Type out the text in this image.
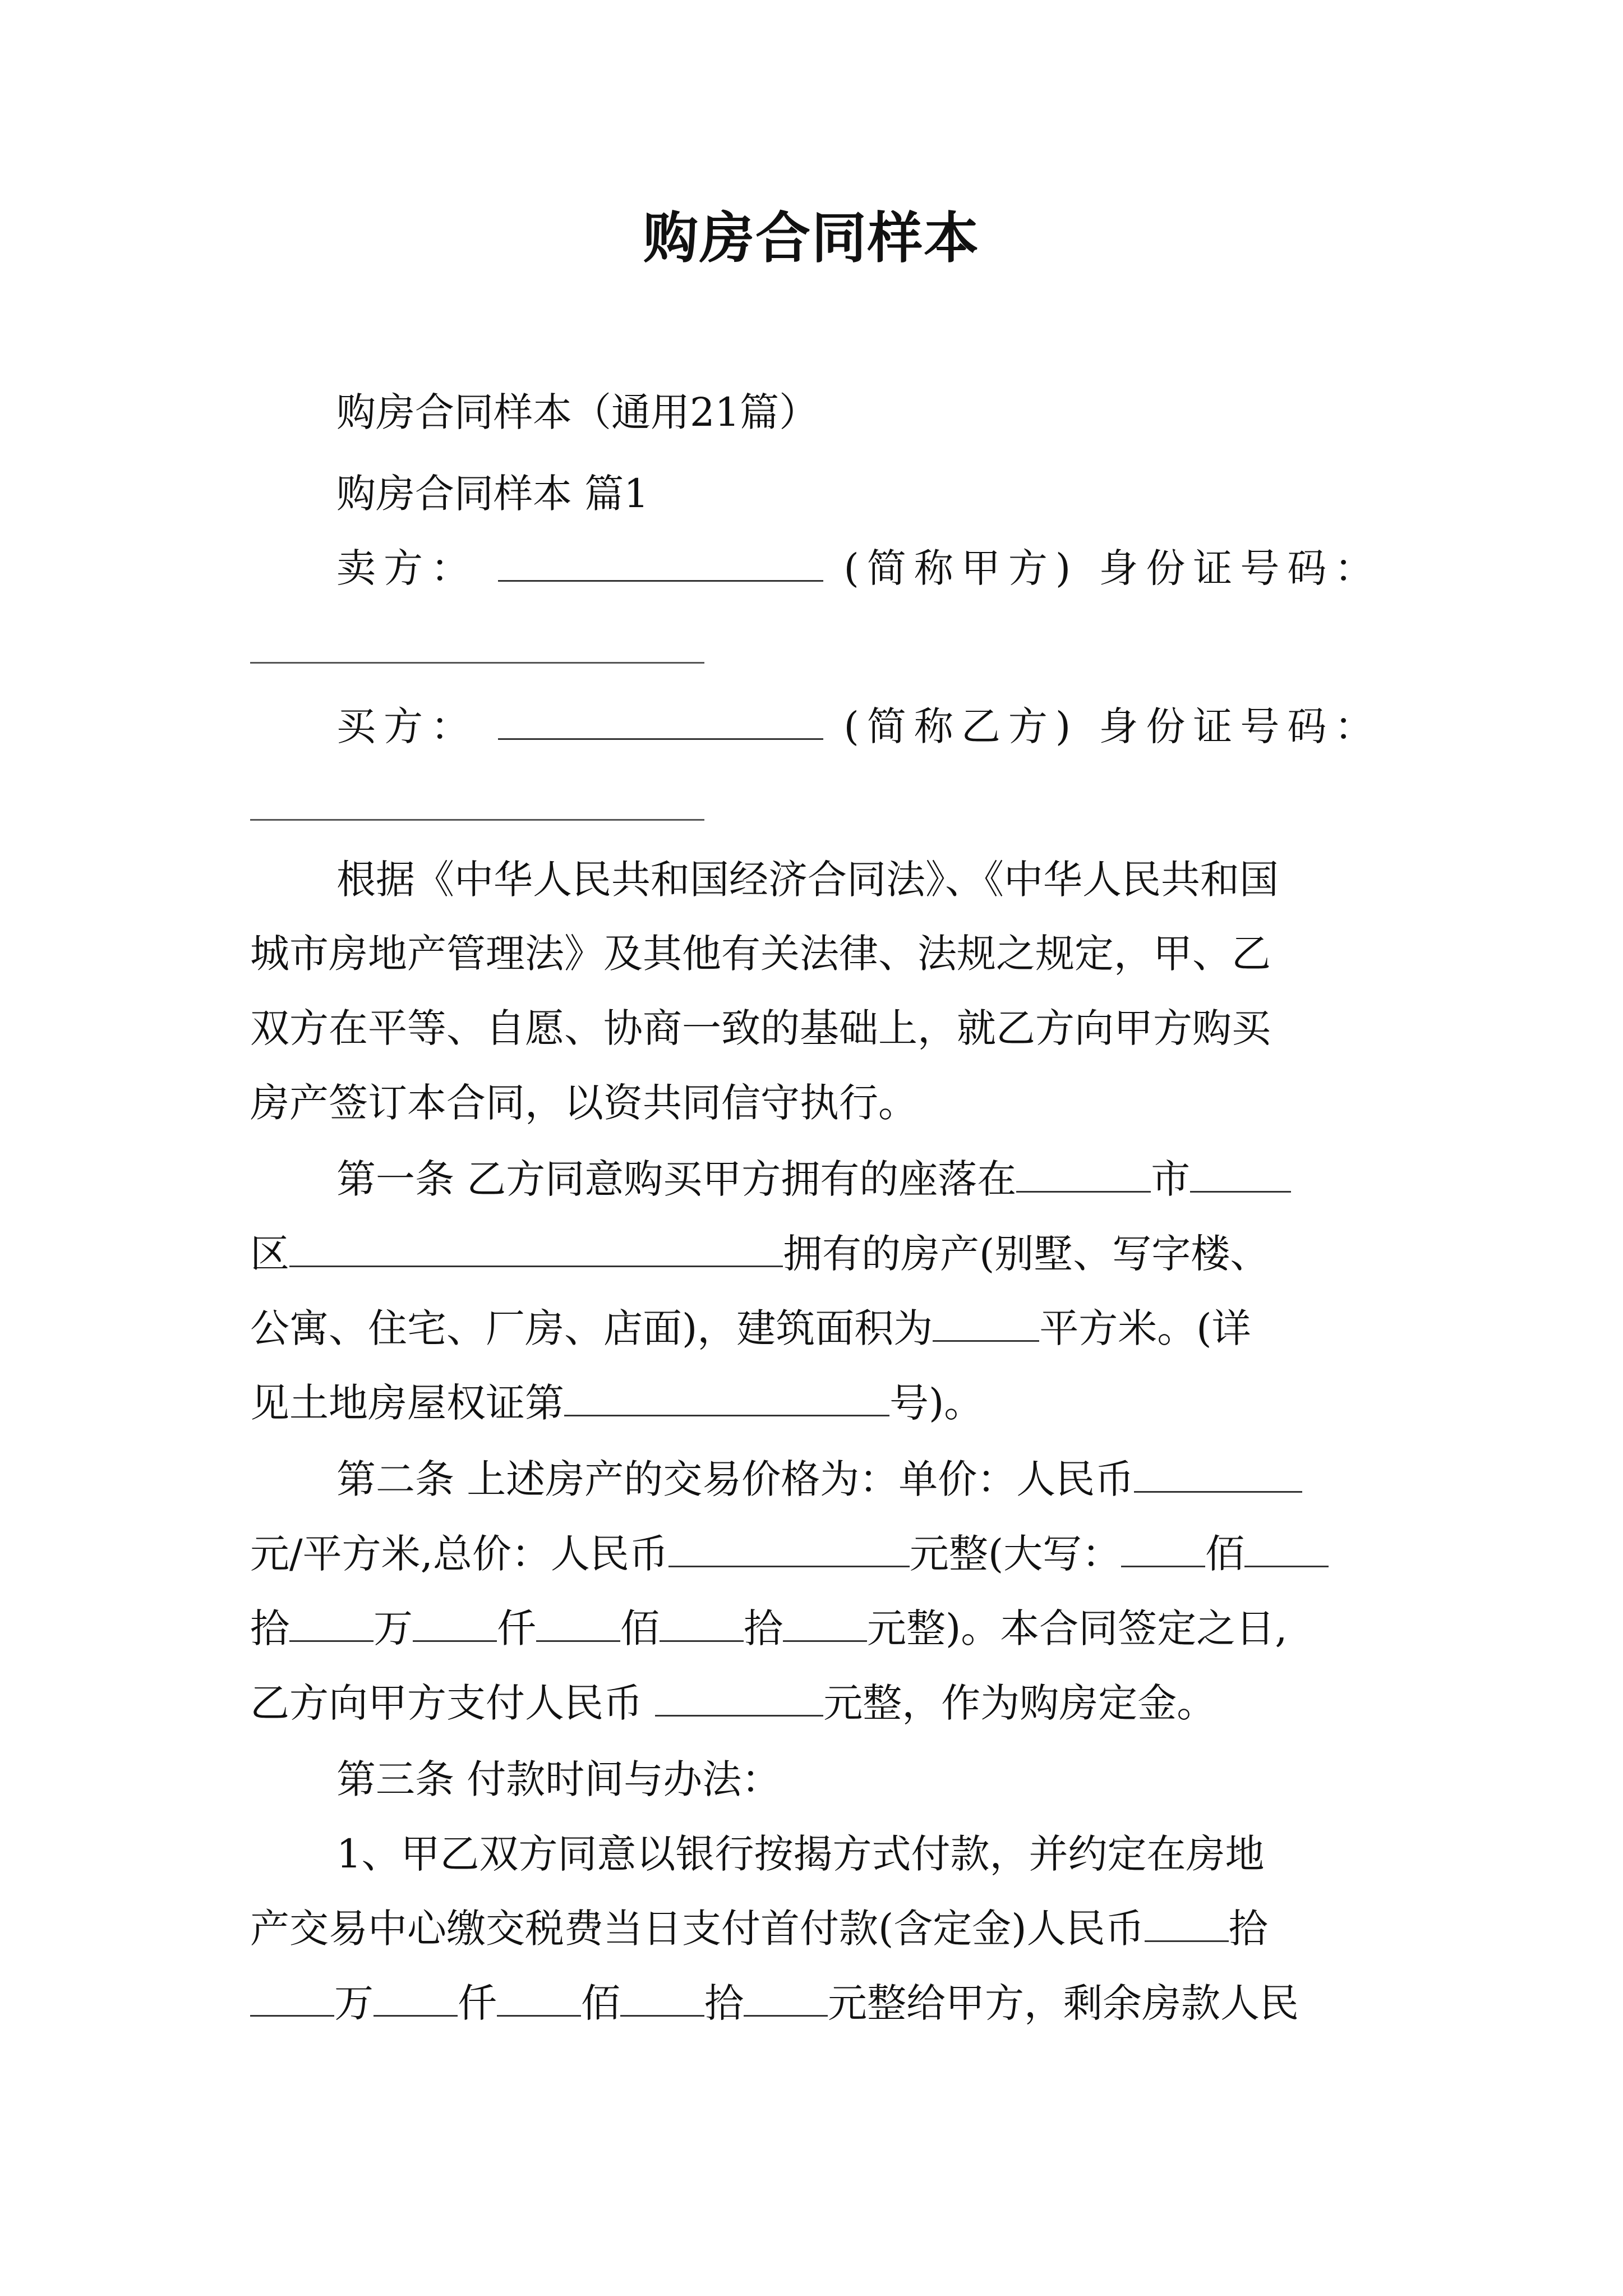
购房合同样本
购房合同样本（通用21篇）
购房合同样本 篇1
卖方：	(简称甲方) 身份证号码：
买方：	(简称乙方) 身份证号码：
根据《中华人民共和国经济合同法》、《中华人民共和国
城市房地产管理法》及其他有关法律、法规之规定，甲、乙
双方在平等、自愿、协商一致的基础上，就乙方向甲方购买
房产签订本合同，以资共同信守执行。
第一条 乙方同意购买甲方拥有的座落在	市
区	拥有的房产(别墅、写字楼、
公寓、住宅、厂房、店面)，建筑面积为	平方米。(详
见土地房屋权证第	号)。
第二条 上述房产的交易价格为：单价：人民币
元/平方米,总价：人民币	元整(大写： 佰
拾 万 仟 佰 拾 元整)。本合同签定之日,
乙方向甲方支付人民币	元整，作为购房定金。
第三条 付款时间与办法：
1、甲乙双方同意以银行按揭方式付款，并约定在房地
产交易中心缴交税费当日支付首付款(含定金)人民币 拾
万 仟 佰 拾 元整给甲方，剩余房款人民
